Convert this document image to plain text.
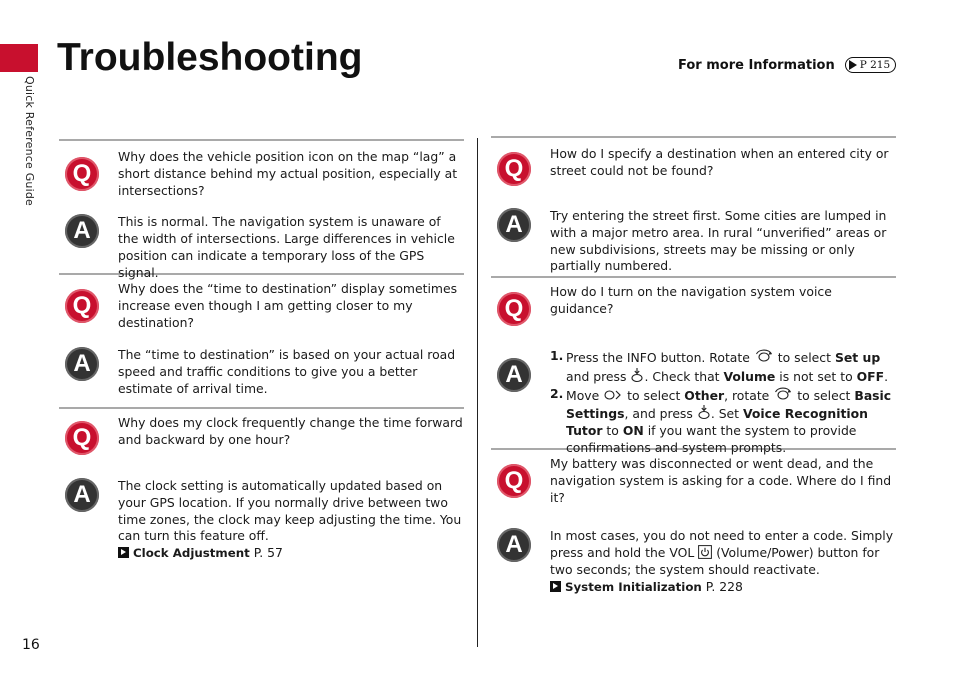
Quick Reference Guide
Troubleshooting	For more Information P 215
Q
Why does the vehicle position icon on the map “lag” a short distance behind my actual position, especially at intersections?
A	This is normal. The navigation system is unaware of the width of intersections. Large differences in vehicle position can indicate a temporary loss of the GPS signal.
Q
Why does the “time to destination” display sometimes increase even though I am getting closer to my destination?
A	The “time to destination” is based on your actual road speed and traffic conditions to give you a better estimate of arrival time.
Q
Why does my clock frequently change the time forward and backward by one hour?
A	The clock setting is automatically updated based on your GPS location. If you normally drive between two time zones, the clock may keep adjusting the time. You can turn this feature off.
Clock Adjustment P. 57
Q
How do I specify a destination when an entered city or street could not be found?
A	Try entering the street first. Some cities are lumped in with a major metro area. In rural “unverified” areas or new subdivisions, streets may be missing or only partially numbered.
Q
How do I turn on the navigation system voice guidance?
A
1. Press the INFO button. Rotate to select Set up and press . Check that Volume is not set to OFF.
2. Move to select Other, rotate to select Basic Settings, and press . Set Voice Recognition Tutor to ON if you want the system to provide confirmations and system prompts.
Q
My battery was disconnected or went dead, and the navigation system is asking for a code. Where do I find it?
A	In most cases, you do not need to enter a code. Simply press and hold the VOL (Volume/Power) button for two seconds; the system should reactivate.
System Initialization P. 228
16
